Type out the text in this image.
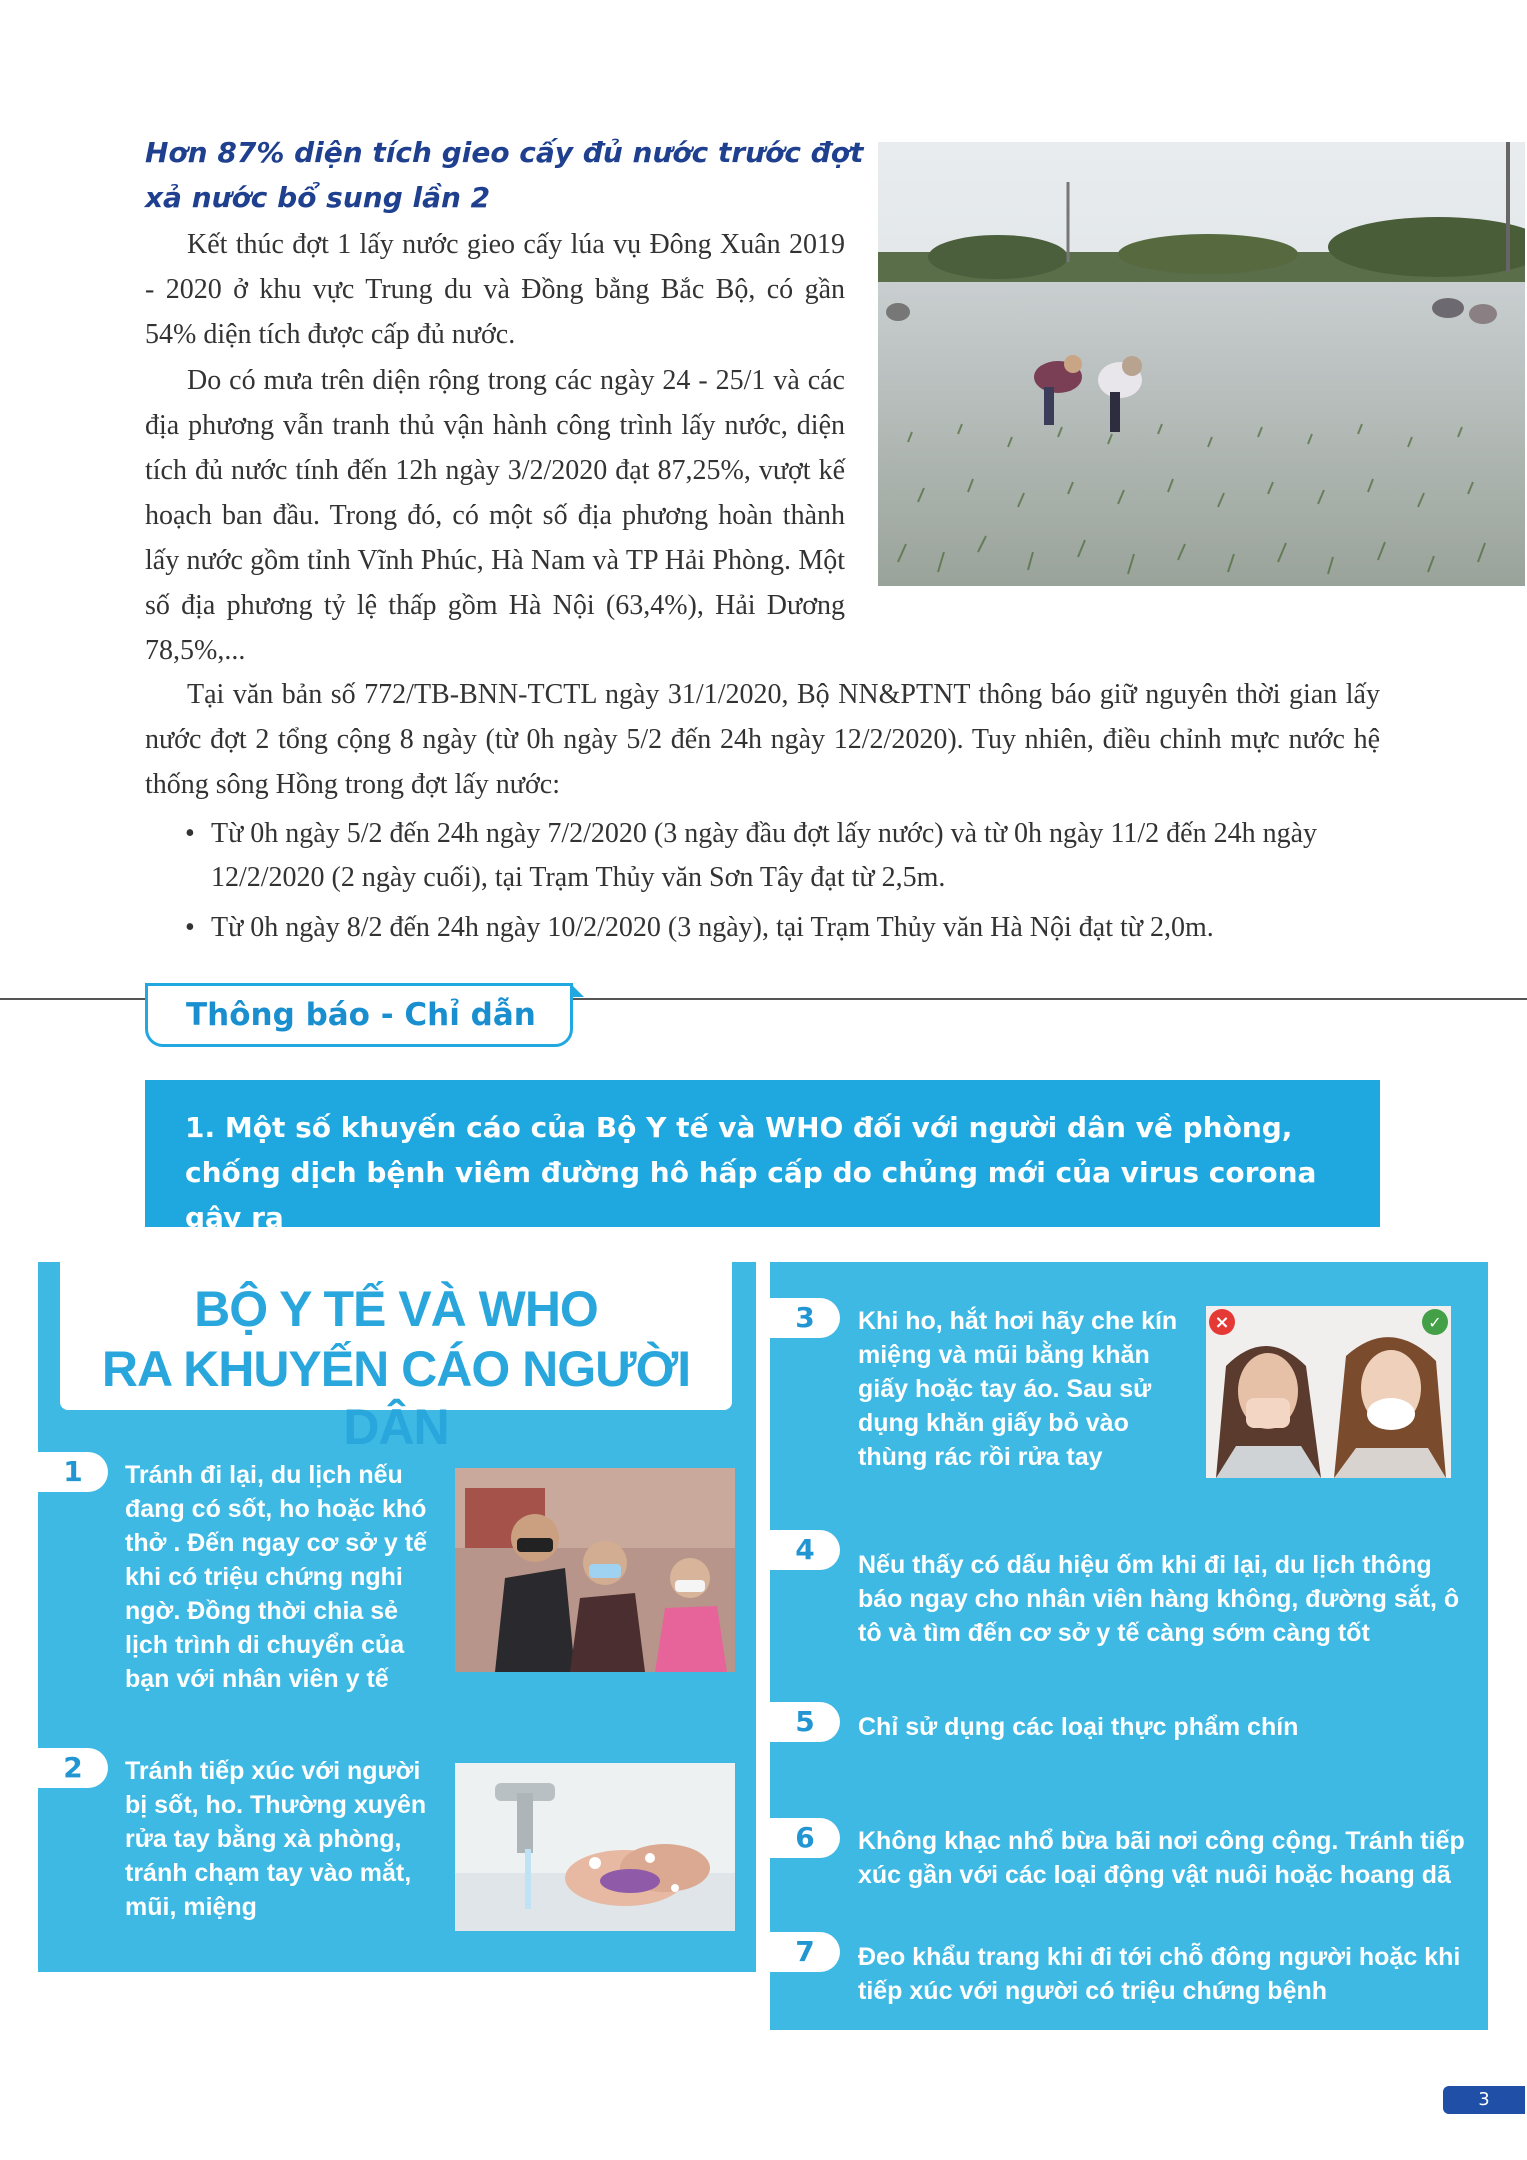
Hơn 87% diện tích gieo cấy đủ nước trước đợt xả nước bổ sung lần 2
Kết thúc đợt 1 lấy nước gieo cấy lúa vụ Đông Xuân 2019 - 2020 ở khu vực Trung du và Đồng bằng Bắc Bộ, có gần 54% diện tích được cấp đủ nước.
Do có mưa trên diện rộng trong các ngày 24 - 25/1 và các địa phương vẫn tranh thủ vận hành công trình lấy nước, diện tích đủ nước tính đến 12h ngày 3/2/2020 đạt 87,25%, vượt kế hoạch ban đầu. Trong đó, có một số địa phương hoàn thành lấy nước gồm tỉnh Vĩnh Phúc, Hà Nam và TP Hải Phòng. Một số địa phương tỷ lệ thấp gồm Hà Nội (63,4%), Hải Dương 78,5%,...
Tại văn bản số 772/TB-BNN-TCTL ngày 31/1/2020, Bộ NN&PTNT thông báo giữ nguyên thời gian lấy nước đợt 2 tổng cộng 8 ngày (từ 0h ngày 5/2 đến 24h ngày 12/2/2020). Tuy nhiên, điều chỉnh mực nước hệ thống sông Hồng trong đợt lấy nước:
• Từ 0h ngày 5/2 đến 24h ngày 7/2/2020 (3 ngày đầu đợt lấy nước) và từ 0h ngày 11/2 đến 24h ngày 12/2/2020 (2 ngày cuối), tại Trạm Thủy văn Sơn Tây đạt từ 2,5m.
• Từ 0h ngày 8/2 đến 24h ngày 10/2/2020 (3 ngày), tại Trạm Thủy văn Hà Nội đạt từ 2,0m.
Thông báo - Chỉ dẫn
1. Một số khuyến cáo của Bộ Y tế và WHO đối với người dân về phòng, chống dịch bệnh viêm đường hô hấp cấp do chủng mới của virus corona gây ra
BỘ Y TẾ VÀ WHO
RA KHUYẾN CÁO NGƯỜI DÂN
1	Tránh đi lại, du lịch nếu đang có sốt, ho hoặc khó thở . Đến ngay cơ sở y tế khi có triệu chứng nghi ngờ. Đồng thời chia sẻ lịch trình di chuyển của bạn với nhân viên y tế
2	Tránh tiếp xúc với người bị sốt, ho. Thường xuyên rửa tay bằng xà phòng, tránh chạm tay vào mắt, mũi, miệng
3	Khi ho, hắt hơi hãy che kín miệng và mũi bằng khăn giấy hoặc tay áo. Sau sử dụng khăn giấy bỏ vào thùng rác rồi rửa tay
×	✓
4	Nếu thấy có dấu hiệu ốm khi đi lại, du lịch thông báo ngay cho nhân viên hàng không, đường sắt, ô tô và tìm đến cơ sở y tế càng sớm càng tốt
5	Chỉ sử dụng các loại thực phẩm chín
6	Không khạc nhổ bừa bãi nơi công cộng. Tránh tiếp xúc gần với các loại động vật nuôi hoặc hoang dã
7	Đeo khẩu trang khi đi tới chỗ đông người hoặc khi tiếp xúc với người có triệu chứng bệnh
3
